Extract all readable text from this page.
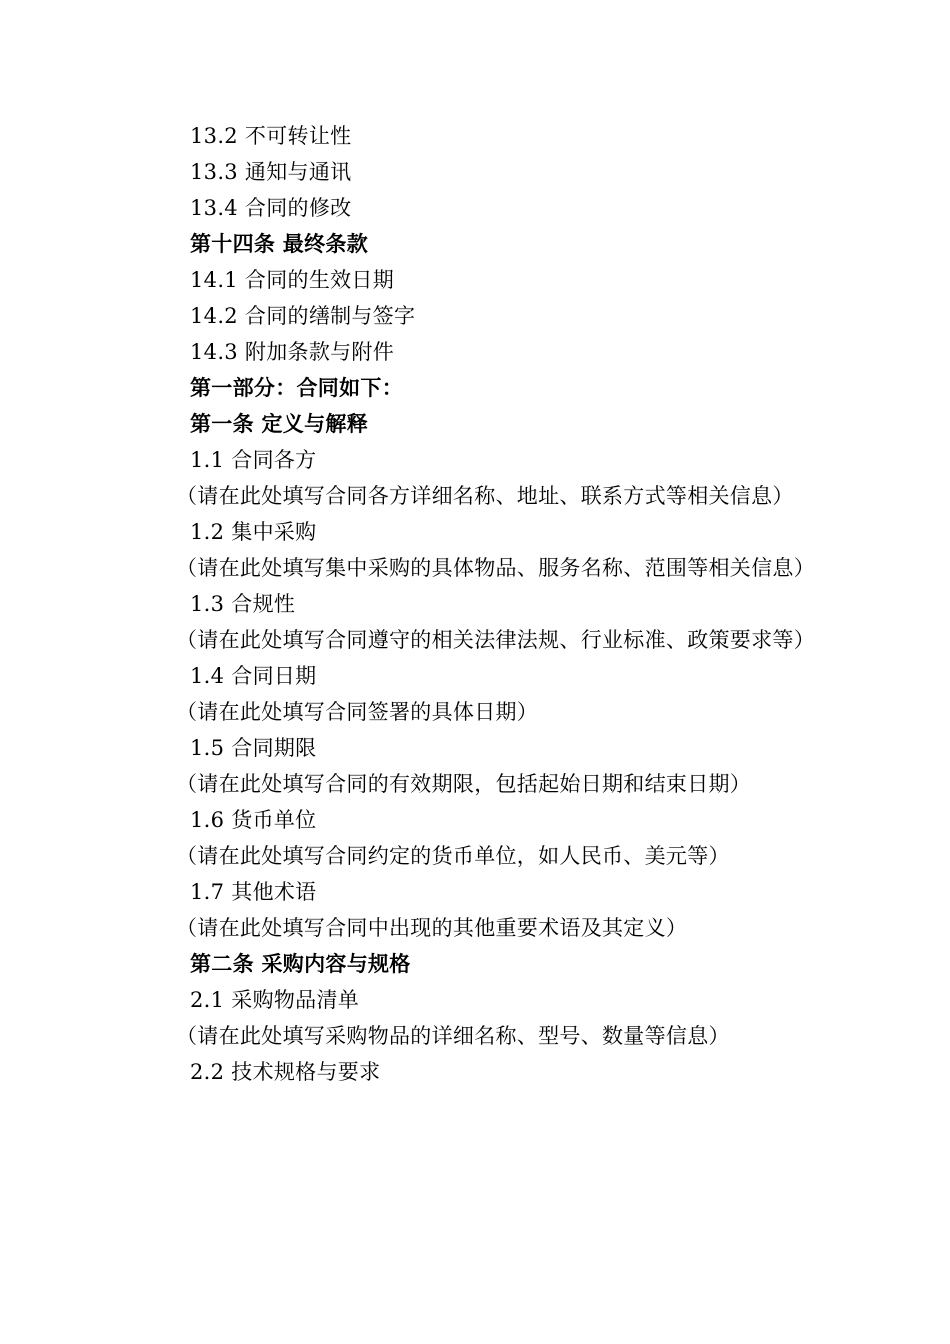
13.2 不可转让性
13.3 通知与通讯
13.4 合同的修改
第十四条 最终条款
14.1 合同的生效日期
14.2 合同的缮制与签字
14.3 附加条款与附件
第一部分：合同如下：
第一条 定义与解释
1.1 合同各方

（请在此处填写合同各方详细名称、地址、联系方式等相关信息）

1.2 集中采购

（请在此处填写集中采购的具体物品、服务名称、范围等相关信息）

1.3 合规性

（请在此处填写合同遵守的相关法律法规、行业标准、政策要求等）

1.4 合同日期
（请在此处填写合同签署的具体日期）
1.5 合同期限
（请在此处填写合同的有效期限，包括起始日期和结束日期）
1.6 货币单位
（请在此处填写合同约定的货币单位，如人民币、美元等）
1.7 其他术语
（请在此处填写合同中出现的其他重要术语及其定义）
第二条 采购内容与规格
2.1 采购物品清单
（请在此处填写采购物品的详细名称、型号、数量等信息）
2.2 技术规格与要求
